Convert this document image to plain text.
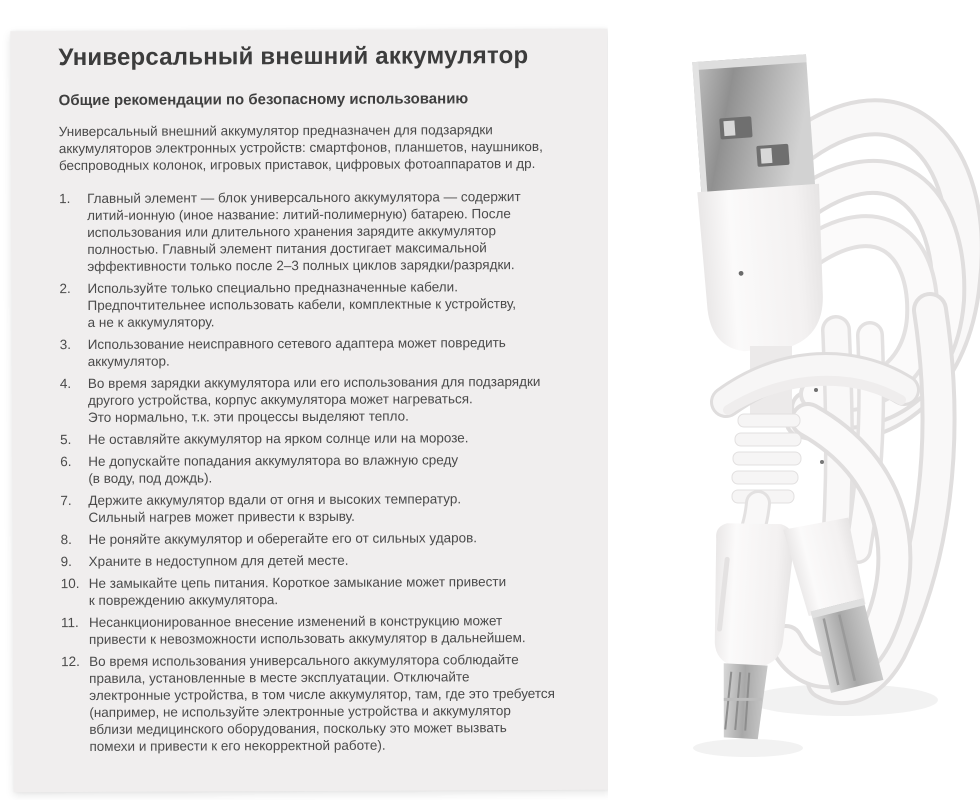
Универсальный внешний аккумулятор
Общие рекомендации по безопасному использованию
Универсальный внешний аккумулятор предназначен для подзарядки
аккумуляторов электронных устройств: смартфонов, планшетов, наушников,
беспроводных колонок, игровых приставок, цифровых фотоаппаратов и др.
1.	Главный элемент — блок универсального аккумулятора — содержит
литий-ионную (иное название: литий-полимерную) батарею. После
использования или длительного хранения зарядите аккумулятор
полностью. Главный элемент питания достигает максимальной
эффективности только после 2–3 полных циклов зарядки/разрядки.
2.	Используйте только специально предназначенные кабели.
Предпочтительнее использовать кабели, комплектные к устройству,
а не к аккумулятору.
3.	Использование неисправного сетевого адаптера может повредить
аккумулятор.
4.	Во время зарядки аккумулятора или его использования для подзарядки
другого устройства, корпус аккумулятора может нагреваться.
Это нормально, т.к. эти процессы выделяют тепло.
5.	Не оставляйте аккумулятор на ярком солнце или на морозе.
6.	Не допускайте попадания аккумулятора во влажную среду
(в воду, под дождь).
7.	Держите аккумулятор вдали от огня и высоких температур.
Сильный нагрев может привести к взрыву.
8.	Не роняйте аккумулятор и оберегайте его от сильных ударов.
9.	Храните в недоступном для детей месте.
10. Не замыкайте цепь питания. Короткое замыкание может привести
к повреждению аккумулятора.
11. Несанкционированное внесение изменений в конструкцию может
привести к невозможности использовать аккумулятор в дальнейшем.
12. Во время использования универсального аккумулятора соблюдайте
правила, установленные в месте эксплуатации. Отключайте
электронные устройства, в том числе аккумулятор, там, где это требуется
(например, не используйте электронные устройства и аккумулятор
вблизи медицинского оборудования, поскольку это может вызвать
помехи и привести к его некорректной работе).
